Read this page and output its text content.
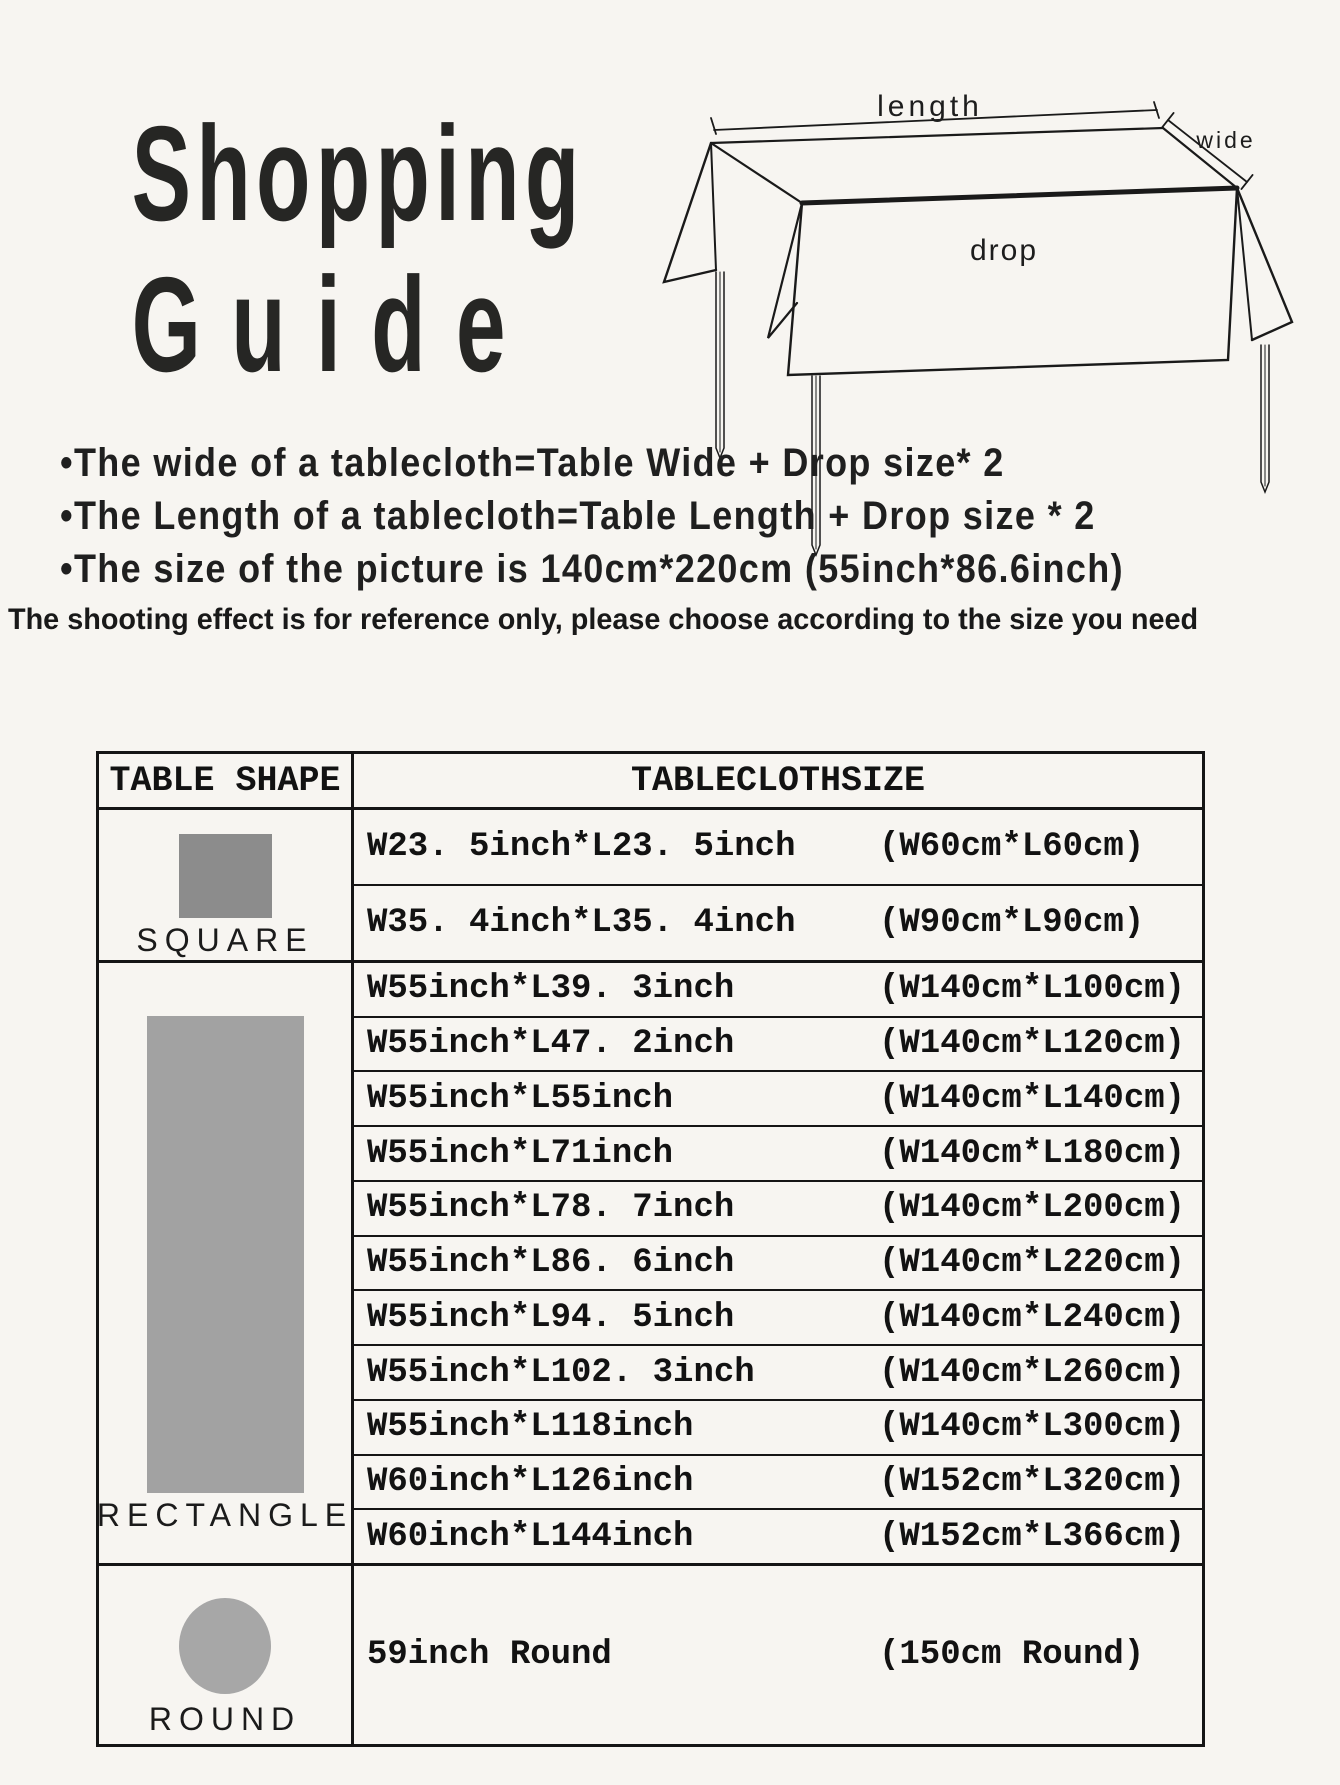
Shopping
Guide
length
wide
drop
•The wide of a tablecloth=Table Wide + Drop size* 2
•The Length of a tablecloth=Table Length + Drop size * 2
•The size of the picture is 140cm*220cm (55inch*86.6inch)
The shooting effect is for reference only, please choose according to the size you need
TABLE SHAPE	TABLECLOTHSIZE
SQUARE
W23. 5inch*L23. 5inch (W60cm*L60cm)
W35. 4inch*L35. 4inch (W90cm*L90cm)
RECTANGLE
W55inch*L39. 3inch	(W140cm*L100cm)
W55inch*L47. 2inch	(W140cm*L120cm)
W55inch*L55inch	(W140cm*L140cm)
W55inch*L71inch	(W140cm*L180cm)
W55inch*L78. 7inch	(W140cm*L200cm)
W55inch*L86. 6inch	(W140cm*L220cm)
W55inch*L94. 5inch	(W140cm*L240cm)
W55inch*L102. 3inch	(W140cm*L260cm)
W55inch*L118inch	(W140cm*L300cm)
W60inch*L126inch	(W152cm*L320cm)
W60inch*L144inch	(W152cm*L366cm)
ROUND
59inch Round	(150cm Round)
